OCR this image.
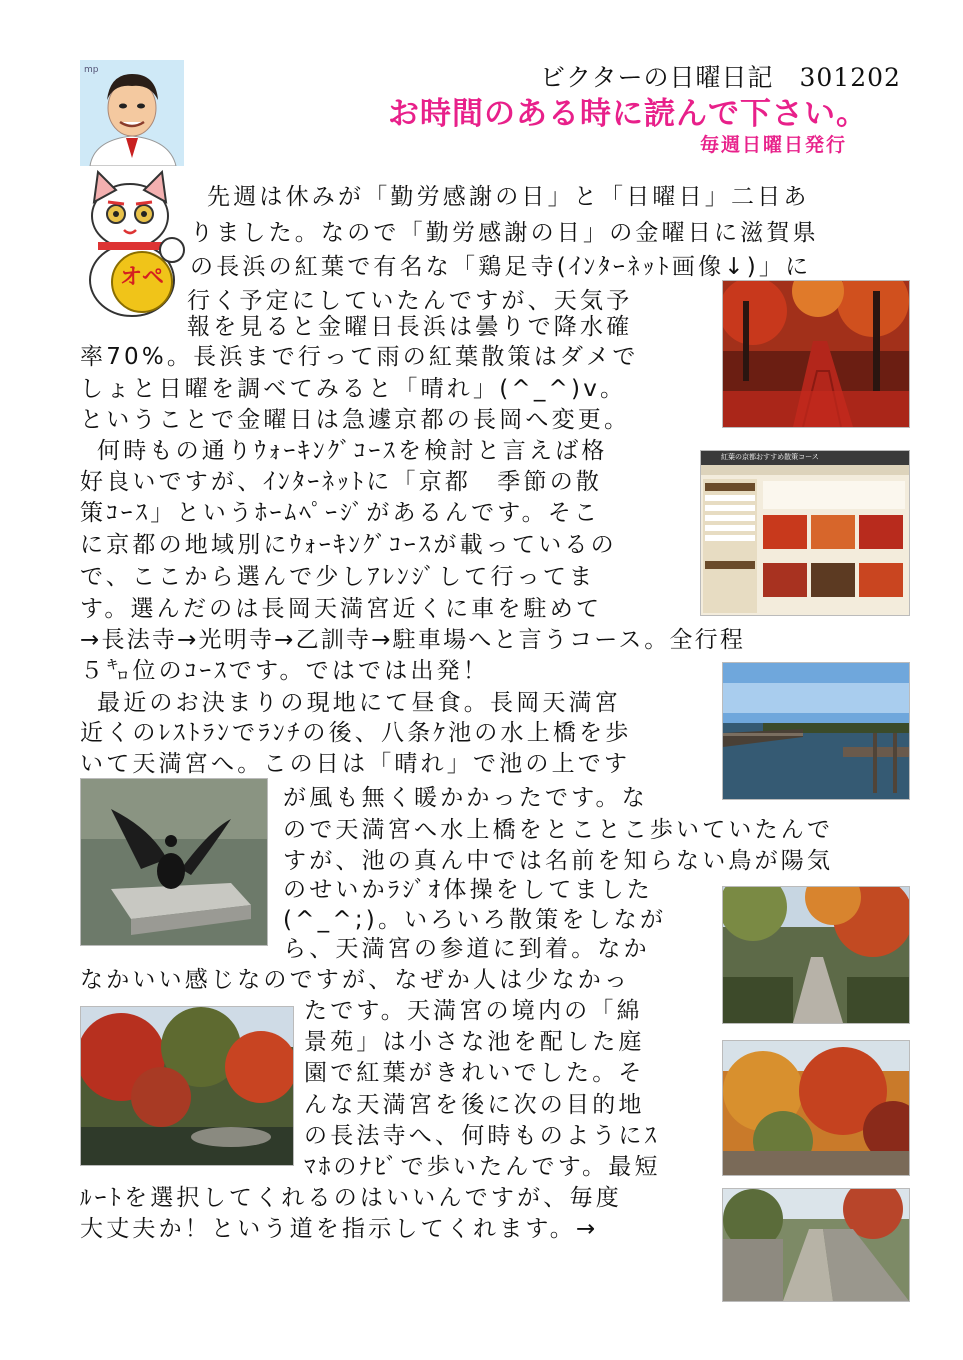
ビクターの日曜日記　301202
お時間のある時に読んで下さい。
毎週日曜日発行
mp
オペ
紅葉の京都おすすめ散策コース
先週は休みが「勤労感謝の日」と「日曜日」二日あ
りました。なので「勤労感謝の日」の金曜日に滋賀県
の長浜の紅葉で有名な「鶏足寺(ｲﾝﾀｰﾈｯﾄ画像↓)」に
行く予定にしていたんですが、天気予
報を見ると金曜日長浜は曇りで降水確
率70%。長浜まで行って雨の紅葉散策はダメで
しょと日曜を調べてみると「晴れ」(^_^)v。
ということで金曜日は急遽京都の長岡へ変更。
何時もの通りｳｫｰｷﾝｸﾞｺｰｽを検討と言えば格
好良いですが、ｲﾝﾀｰﾈｯﾄに「京都　季節の散
策ｺｰｽ」というﾎｰﾑﾍﾟｰｼﾞがあるんです。そこ
に京都の地域別にｳｫｰｷﾝｸﾞｺｰｽが載っているの
で、ここから選んで少しｱﾚﾝｼﾞして行ってま
す。選んだのは長岡天満宮近くに車を駐めて
→長法寺→光明寺→乙訓寺→駐車場へと言うコース。全行程
５㌔位のｺｰｽです。ではでは出発！
最近のお決まりの現地にて昼食。長岡天満宮
近くのﾚｽﾄﾗﾝでﾗﾝﾁの後、八条ｹ池の水上橋を歩
いて天満宮へ。この日は「晴れ」で池の上です
が風も無く暖かかったです。な
ので天満宮へ水上橋をとことこ歩いていたんで
すが、池の真ん中では名前を知らない鳥が陽気
のせいかﾗｼﾞｵ体操をしてました
(^_^;)。いろいろ散策をしなが
ら、天満宮の参道に到着。なか
なかいい感じなのですが、なぜか人は少なかっ
たです。天満宮の境内の「綿
景苑」は小さな池を配した庭
園で紅葉がきれいでした。そ
んな天満宮を後に次の目的地
の長法寺へ、何時ものようにｽ
ﾏﾎのﾅﾋﾞで歩いたんです。最短
ﾙｰﾄを選択してくれるのはいいんですが、毎度
大丈夫か！という道を指示してくれます。→
